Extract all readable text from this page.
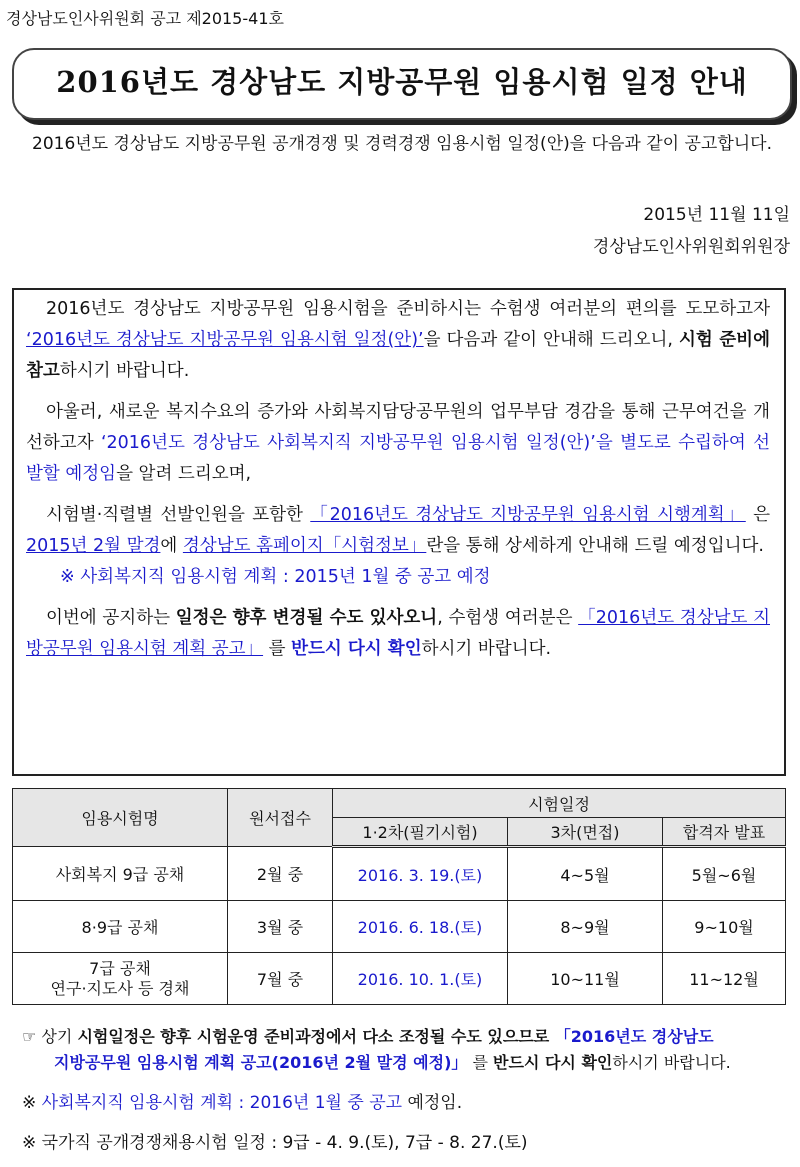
경상남도인사위원회 공고 제2015-41호
2016년도 경상남도 지방공무원 임용시험 일정 안내
2016년도 경상남도 지방공무원 공개경쟁 및 경력경쟁 임용시험 일정(안)을 다음과 같이 공고합니다.
2015년 11월 11일
경상남도인사위원회위원장

2016년도 경상남도 지방공무원 임용시험을 준비하시는 수험생 여러분의 편의를 도모하고자 ‘2016년도 경상남도 지방공무원 임용시험 일정(안)’을 다음과 같이 안내해 드리오니, 시험 준비에 참고하시기 바랍니다.

아울러, 새로운 복지수요의 증가와 사회복지담당공무원의 업무부담 경감을 통해 근무여건을 개선하고자 ‘2016년도 경상남도 사회복지직 지방공무원 임용시험 일정(안)’을 별도로 수립하여 선발할 예정임을 알려 드리오며,

시험별·직렬별 선발인원을 포함한 「2016년도 경상남도 지방공무원 임용시험 시행계획」 은 2015년 2월 말경에 경상남도 홈페이지「시험정보」란을 통해 상세하게 안내해 드릴 예정입니다.

※ 사회복지직 임용시험 계획 : 2015년 1월 중 공고 예정

이번에 공지하는 일정은 향후 변경될 수도 있사오니, 수험생 여러분은 「2016년도 경상남도 지방공무원 임용시험 계획 공고」 를 반드시 다시 확인하시기 바랍니다.

임용시험명	원서접수	시험일정		
		1·2차(필기시험)	3차(면접)	합격자 발표
사회복지 9급 공채	2월 중	2016. 3. 19.(토)	4~5월	5월~6월
8·9급 공채	3월 중	2016. 6. 18.(토)	8~9월	9~10월

7급 공채
연구·지도사 등 경채	7월 중	2016. 10. 1.(토)	10~11월	11~12월
☞ 상기 시험일정은 향후 시험운영 준비과정에서 다소 조정될 수도 있으므로 「2016년도 경상남도
지방공무원 임용시험 계획 공고(2016년 2월 말경 예정)」 를 반드시 다시 확인하시기 바랍니다.
※ 사회복지직 임용시험 계획 : 2016년 1월 중 공고 예정임.
※ 국가직 공개경쟁채용시험 일정 : 9급 - 4. 9.(토), 7급 - 8. 27.(토)
